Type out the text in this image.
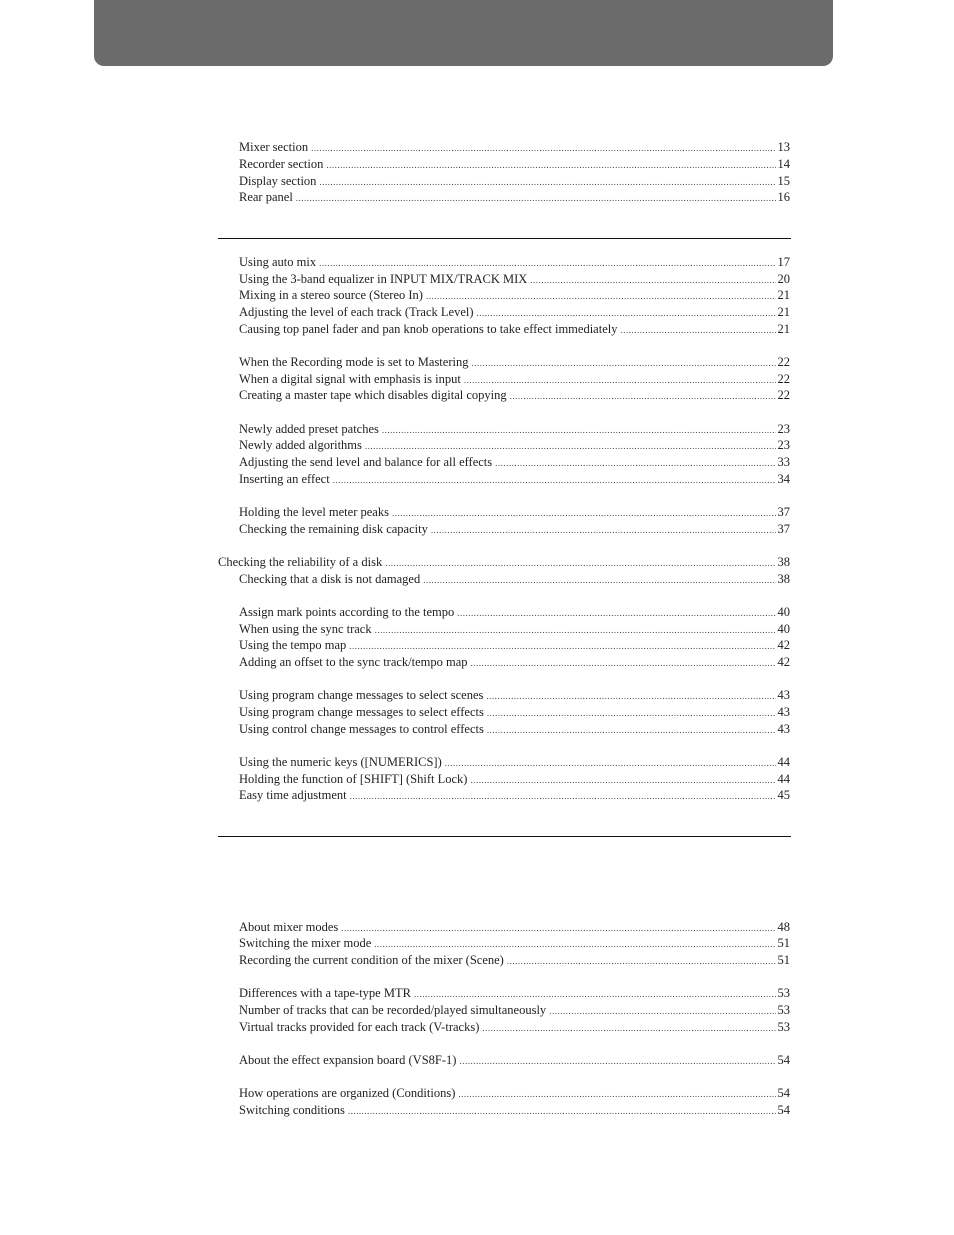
Mixer section .....	13
Recorder section .....	14
Display section .....	15
Rear panel .....	16
Using auto mix .....	17
Using the 3-band equalizer in INPUT MIX/TRACK MIX .....	20
Mixing in a stereo source (Stereo In) .....	21
Adjusting the level of each track (Track Level) .....	21
Causing top panel fader and pan knob operations to take effect immediately .....	21
When the Recording mode is set to Mastering .....	22
When a digital signal with emphasis is input .....	22
Creating a master tape which disables digital copying .....	22
Newly added preset patches .....	23
Newly added algorithms .....	23
Adjusting the send level and balance for all effects .....	33
Inserting an effect .....	34
Holding the level meter peaks .....	37
Checking the remaining disk capacity .....	37
Checking the reliability of a disk .....	38
Checking that a disk is not damaged .....	38
Assign mark points according to the tempo .....	40
When using the sync track .....	40
Using the tempo map .....	42
Adding an offset to the sync track/tempo map .....	42
Using program change messages to select scenes .....	43
Using program change messages to select effects .....	43
Using control change messages to control effects .....	43
Using the numeric keys ([NUMERICS]) .....	44
Holding the function of [SHIFT] (Shift Lock) .....	44
Easy time adjustment .....	45
About mixer modes .....	48
Switching the mixer mode .....	51
Recording the current condition of the mixer (Scene) .....	51
Differences with a tape-type MTR .....	53
Number of tracks that can be recorded/played simultaneously .....	53
Virtual tracks provided for each track (V-tracks) .....	53
About the effect expansion board (VS8F-1) .....	54
How operations are organized (Conditions) .....	54
Switching conditions .....	54
